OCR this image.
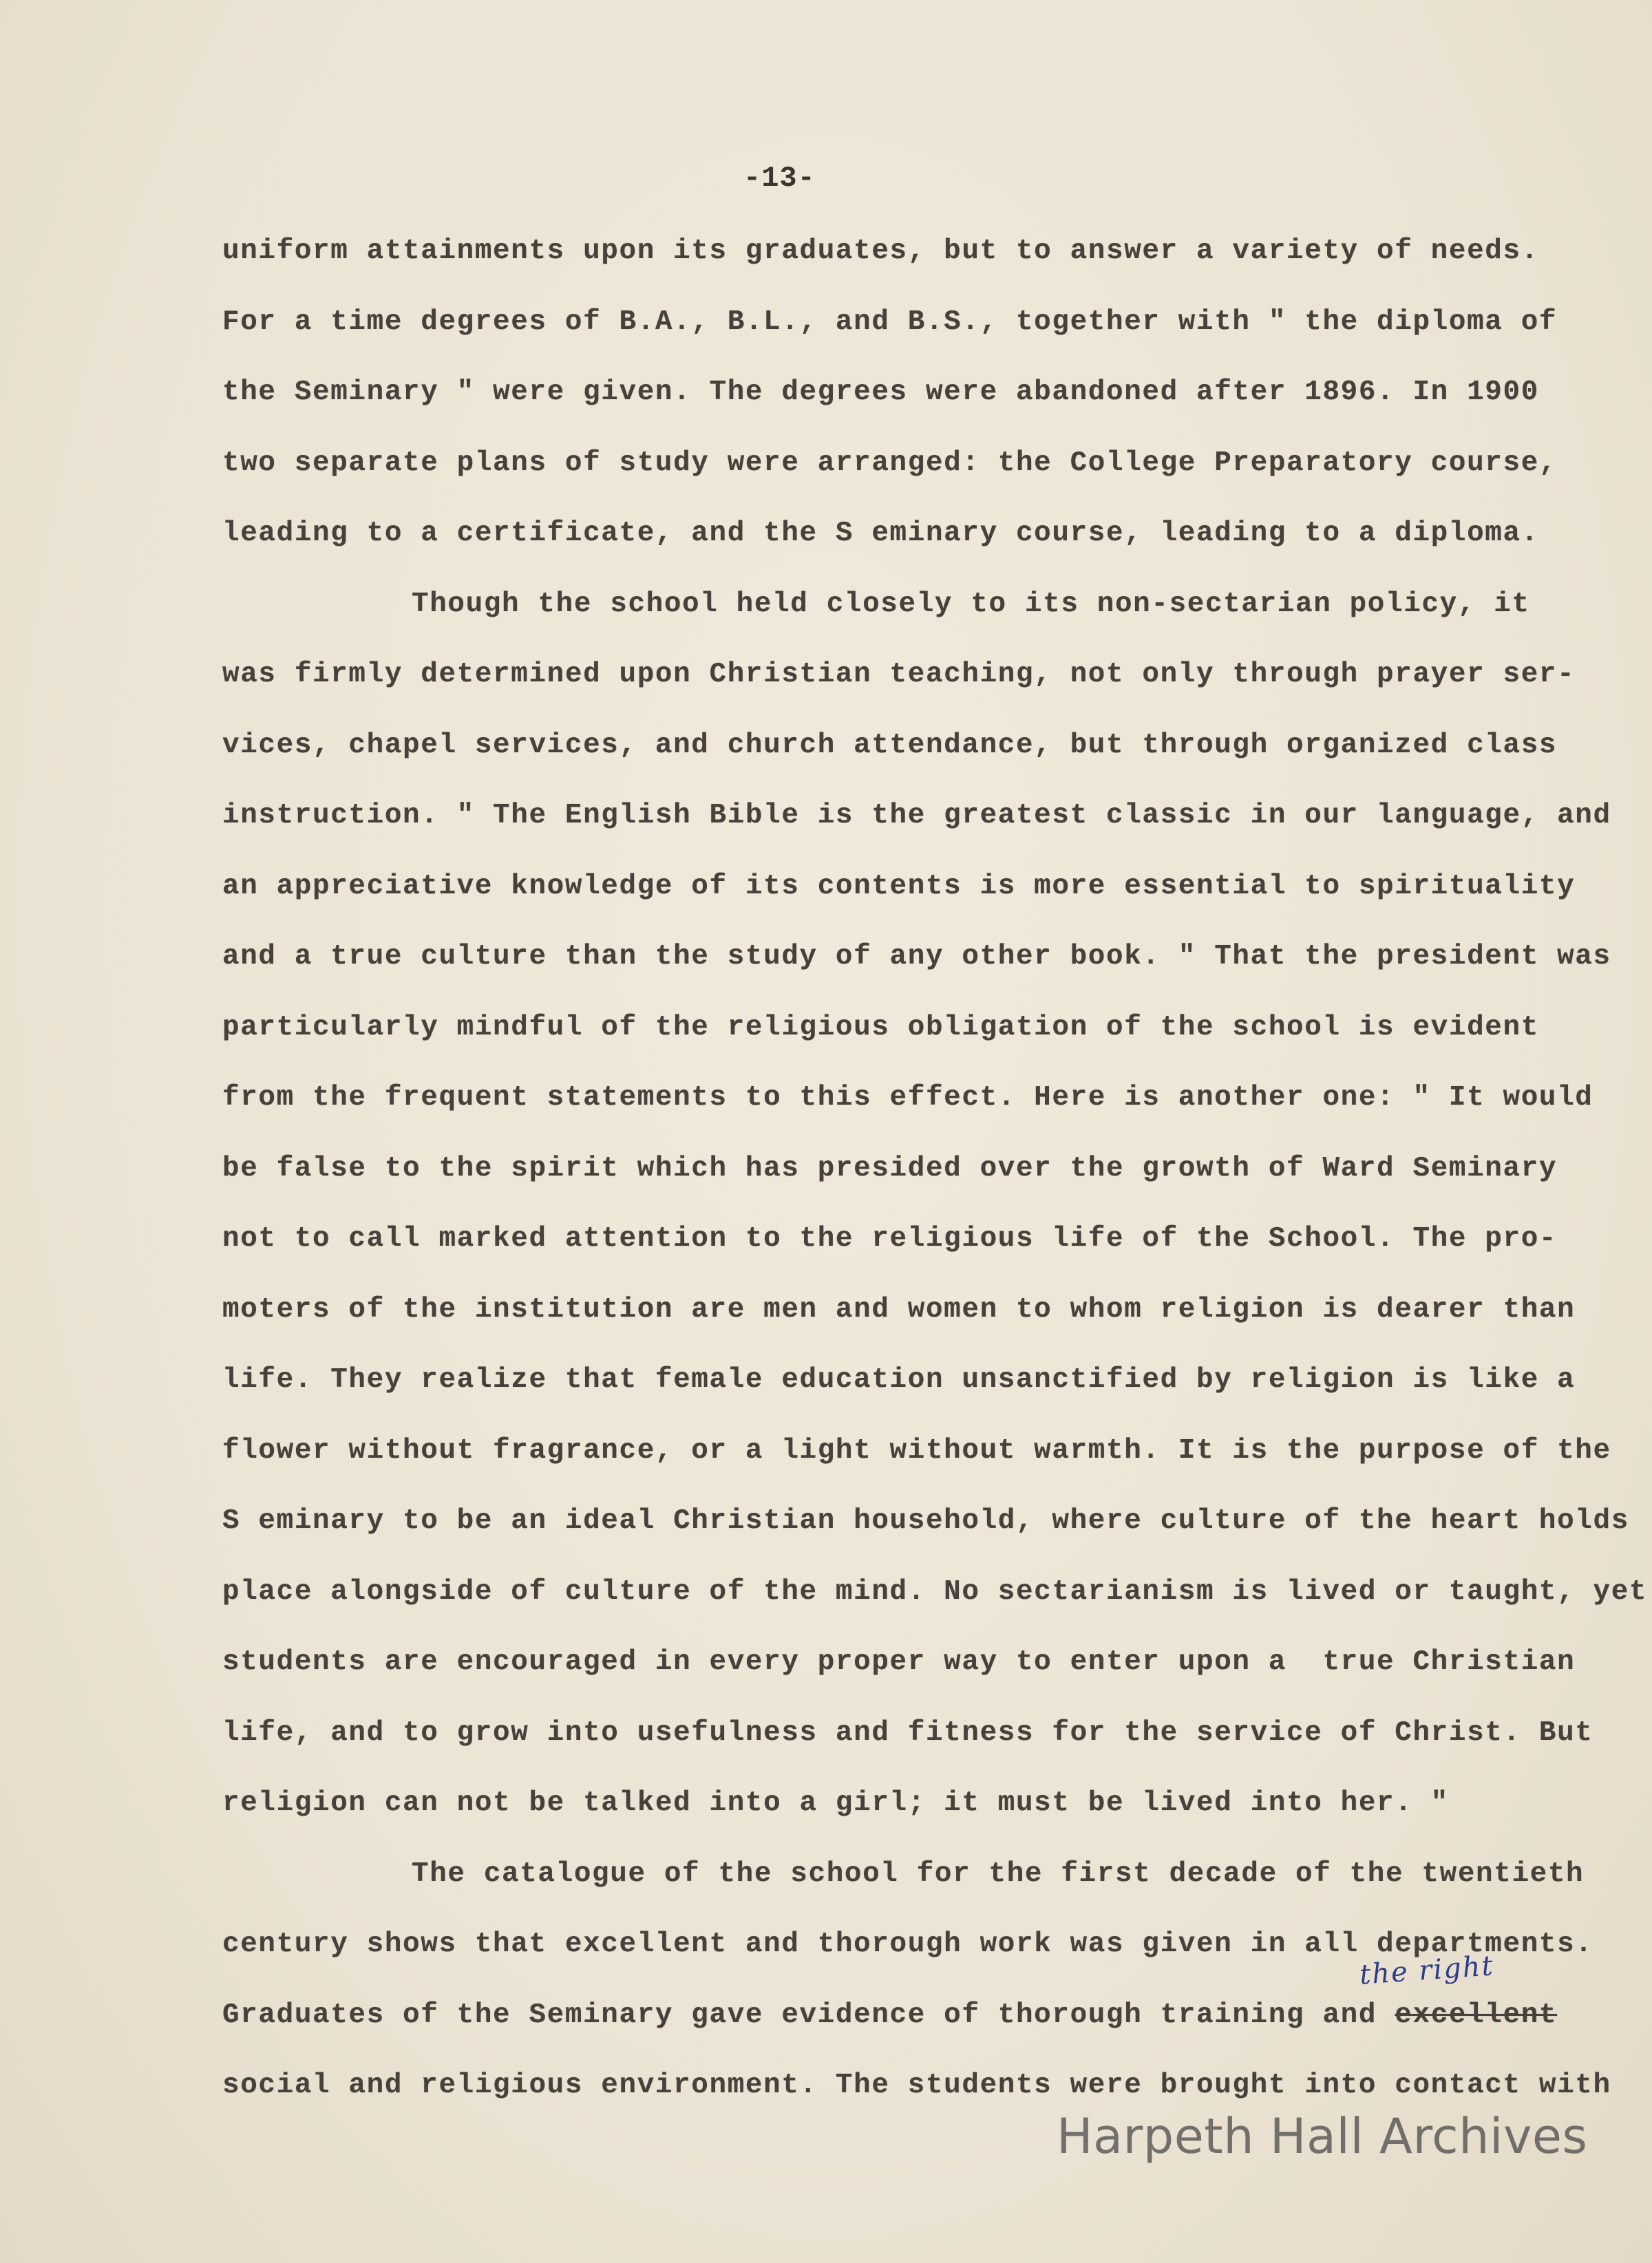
-13-
uniform attainments upon its graduates, but to answer a variety of needs.
For a time degrees of B.A., B.L., and B.S., together with " the diploma of
the Seminary " were given. The degrees were abandoned after 1896. In 1900
two separate plans of study were arranged: the College Preparatory course,
leading to a certificate, and the S eminary course, leading to a diploma.
Though the school held closely to its non-sectarian policy, it
was firmly determined upon Christian teaching, not only through prayer ser-
vices, chapel services, and church attendance, but through organized class
instruction. " The English Bible is the greatest classic in our language, and
an appreciative knowledge of its contents is more essential to spirituality
and a true culture than the study of any other book. " That the president was
particularly mindful of the religious obligation of the school is evident
from the frequent statements to this effect. Here is another one: " It would
be false to the spirit which has presided over the growth of Ward Seminary
not to call marked attention to the religious life of the School. The pro-
moters of the institution are men and women to whom religion is dearer than
life. They realize that female education unsanctified by religion is like a
flower without fragrance, or a light without warmth. It is the purpose of the
S eminary to be an ideal Christian household, where culture of the heart holds
place alongside of culture of the mind. No sectarianism is lived or taught, yet
students are encouraged in every proper way to enter upon a  true Christian
life, and to grow into usefulness and fitness for the service of Christ. But
religion can not be talked into a girl; it must be lived into her. "
The catalogue of the school for the first decade of the twentieth
century shows that excellent and thorough work was given in all departments.
Graduates of the Seminary gave evidence of thorough training and excellent
social and religious environment. The students were brought into contact with
the right
Harpeth Hall Archives
